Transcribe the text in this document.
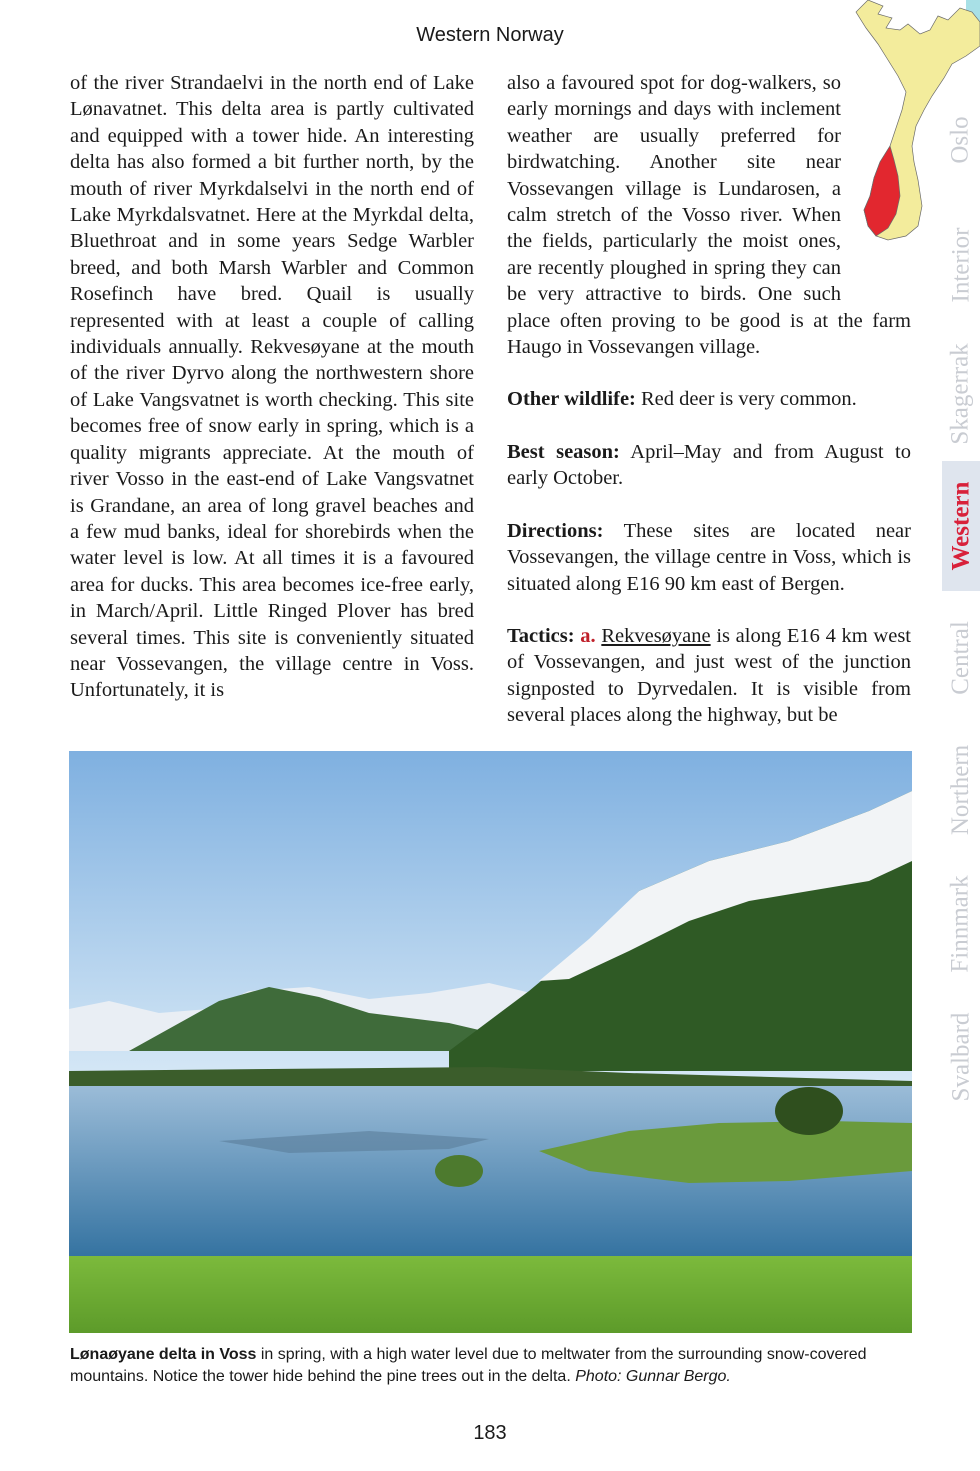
Western Norway

of the river Strandaelvi in the north end of Lake Lønavatnet. This delta area is partly cultivated and equipped with a tower hide. An interesting delta has also formed a bit further north, by the mouth of river Myrkdalselvi in the north end of Lake Myrkdalsvatnet. Here at the Myrkdal delta, Bluethroat and in some years Sedge Warbler breed, and both Marsh Warbler and Common Rosefinch have bred. Quail is usually represented with at least a couple of calling individuals annually. Rekvesøyane at the mouth of the river Dyrvo along the northwestern shore of Lake Vangsvatnet is worth checking. This site becomes free of snow early in spring, which is a quality migrants appreciate. At the mouth of river Vosso in the east-end of Lake Vangsvatnet is Grandane, an area of long gravel beaches and a few mud banks, ideal for shorebirds when the water level is low. At all times it is a favoured area for ducks. This area becomes ice-free early, in March/April. Little Ringed Plover has bred several times. This site is conveniently situated near Vossevangen, the village centre in Voss. Unfortunately, it is

also a favoured spot for dog-walkers, so early mornings and days with inclement weather are usually preferred for birdwatching. Another site near Vossevangen village is Lundarosen, a calm stretch of the Vosso river. When the fields, particularly the moist ones, are recently ploughed in spring they can be very attractive to birds. One such place often proving to be good is at the farm Haugo in Vossevangen village.

Other wildlife: Red deer is very common.

Best season: April–May and from August to early October.

Directions: These sites are located near Vossevangen, the village centre in Voss, which is situated along E16 90 km east of Bergen.

Tactics: a. Rekvesøyane is along E16 4 km west of Vossevangen, and just west of the junction signposted to Dyrvedalen. It is visible from several places along the highway, but be

Oslo
Interior
Skagerrak
Western
Central
Northern
Finnmark
Svalbard
Lønaøyane delta in Voss in spring, with a high water level due to meltwater from the surrounding snow-covered mountains. Notice the tower hide behind the pine trees out in the delta. Photo: Gunnar Bergo.
183
